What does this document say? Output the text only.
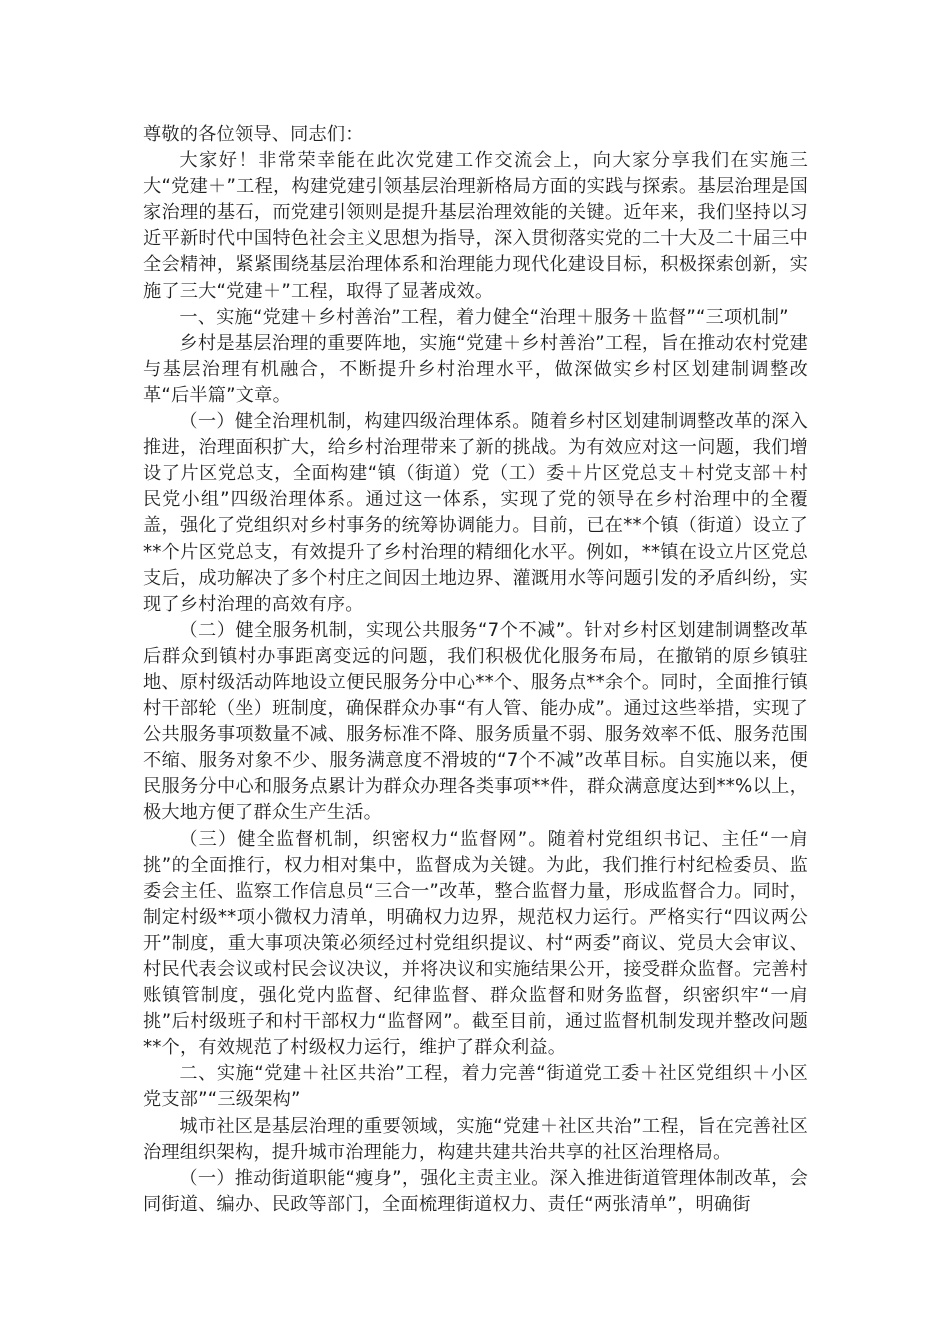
尊敬的各位领导、同志们：

大家好！非常荣幸能在此次党建工作交流会上，向大家分享我们在实施三大“党建＋”工程，构建党建引领基层治理新格局方面的实践与探索。基层治理是国家治理的基石，而党建引领则是提升基层治理效能的关键。近年来，我们坚持以习近平新时代中国特色社会主义思想为指导，深入贯彻落实党的二十大及二十届三中全会精神，紧紧围绕基层治理体系和治理能力现代化建设目标，积极探索创新，实施了三大“党建＋”工程，取得了显著成效。

一、实施“党建＋乡村善治”工程，着力健全“治理＋服务＋监督”“三项机制”

乡村是基层治理的重要阵地，实施“党建＋乡村善治”工程，旨在推动农村党建与基层治理有机融合，不断提升乡村治理水平，做深做实乡村区划建制调整改革“后半篇”文章。

（一）健全治理机制，构建四级治理体系。随着乡村区划建制调整改革的深入推进，治理面积扩大，给乡村治理带来了新的挑战。为有效应对这一问题，我们增设了片区党总支，全面构建“镇（街道）党（工）委＋片区党总支＋村党支部＋村民党小组”四级治理体系。通过这一体系，实现了党的领导在乡村治理中的全覆盖，强化了党组织对乡村事务的统筹协调能力。目前，已在**个镇（街道）设立了**个片区党总支，有效提升了乡村治理的精细化水平。例如，**镇在设立片区党总支后，成功解决了多个村庄之间因土地边界、灌溉用水等问题引发的矛盾纠纷，实现了乡村治理的高效有序。

（二）健全服务机制，实现公共服务“7个不减”。针对乡村区划建制调整改革后群众到镇村办事距离变远的问题，我们积极优化服务布局，在撤销的原乡镇驻地、原村级活动阵地设立便民服务分中心**个、服务点**余个。同时，全面推行镇村干部轮（坐）班制度，确保群众办事“有人管、能办成”。通过这些举措，实现了公共服务事项数量不减、服务标准不降、服务质量不弱、服务效率不低、服务范围不缩、服务对象不少、服务满意度不滑坡的“7个不减”改革目标。自实施以来，便民服务分中心和服务点累计为群众办理各类事项**件，群众满意度达到**%以上，极大地方便了群众生产生活。

（三）健全监督机制，织密权力“监督网”。随着村党组织书记、主任“一肩挑”的全面推行，权力相对集中，监督成为关键。为此，我们推行村纪检委员、监委会主任、监察工作信息员“三合一”改革，整合监督力量，形成监督合力。同时，制定村级**项小微权力清单，明确权力边界，规范权力运行。严格实行“四议两公开”制度，重大事项决策必须经过村党组织提议、村“两委”商议、党员大会审议、村民代表会议或村民会议决议，并将决议和实施结果公开，接受群众监督。完善村账镇管制度，强化党内监督、纪律监督、群众监督和财务监督，织密织牢“一肩挑”后村级班子和村干部权力“监督网”。截至目前，通过监督机制发现并整改问题**个，有效规范了村级权力运行，维护了群众利益。

二、实施“党建＋社区共治”工程，着力完善“街道党工委＋社区党组织＋小区党支部”“三级架构”

城市社区是基层治理的重要领域，实施“党建＋社区共治”工程，旨在完善社区治理组织架构，提升城市治理能力，构建共建共治共享的社区治理格局。

（一）推动街道职能“瘦身”，强化主责主业。深入推进街道管理体制改革，会同街道、编办、民政等部门，全面梳理街道权力、责任“两张清单”，明确街
